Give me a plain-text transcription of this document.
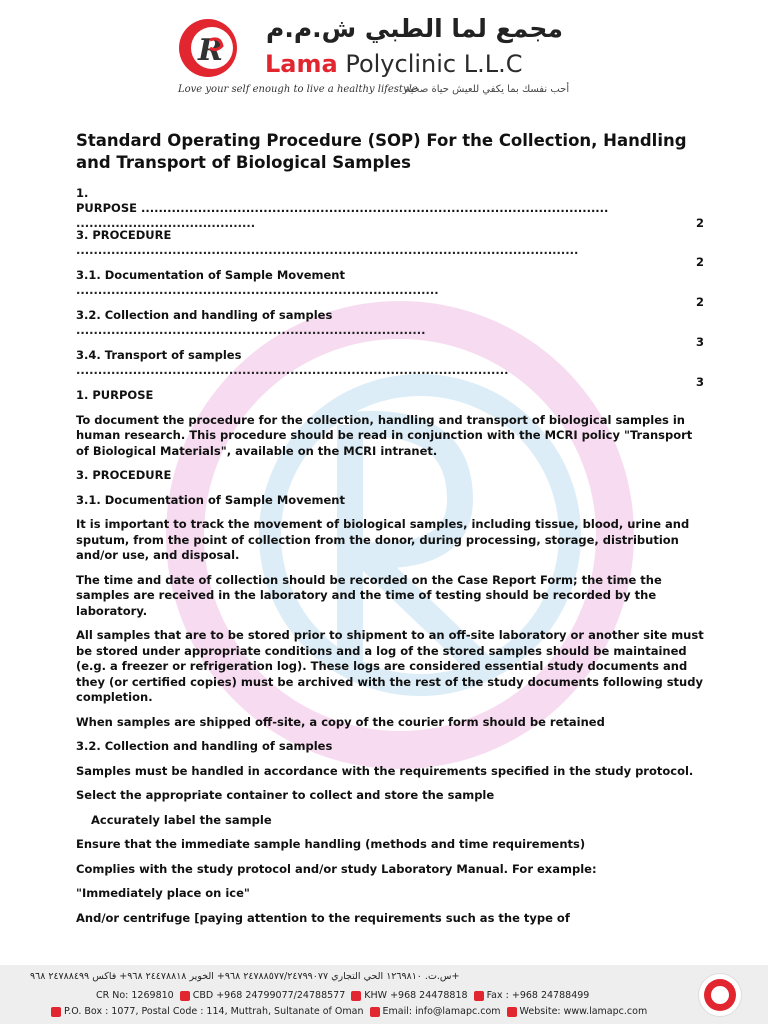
R
مجمع لما الطبي ش.م.م
Lama Polyclinic L.L.C
Love your self enough to live a healthy lifestyle
أحب نفسك بما يكفي للعيش حياة صحية
Standard Operating Procedure (SOP) For the Collection, Handling and Transport of Biological Samples
1.
PURPOSE ...........................................................................................................
.........................................	2
3. PROCEDURE
...................................................................................................................
2
3.1. Documentation of Sample Movement
...................................................................................
2
3.2. Collection and handling of samples
................................................................................
3
3.4. Transport of samples
...................................................................................................
3

1. PURPOSE

To document the procedure for the collection, handling and transport of biological samples in human research. This procedure should be read in conjunction with the MCRI policy "Transport of Biological Materials", available on the MCRI intranet.

3. PROCEDURE

3.1. Documentation of Sample Movement

It is important to track the movement of biological samples, including tissue, blood, urine and sputum, from the point of collection from the donor, during processing, storage, distribution and/or use, and disposal.

The time and date of collection should be recorded on the Case Report Form; the time the samples are received in the laboratory and the time of testing should be recorded by the laboratory.

All samples that are to be stored prior to shipment to an off-site laboratory or another site must be stored under appropriate conditions and a log of the stored samples should be maintained (e.g. a freezer or refrigeration log). These logs are considered essential study documents and they (or certified copies) must be archived with the rest of the study documents following study completion.

When samples are shipped off-site, a copy of the courier form should be retained

3.2. Collection and handling of samples

Samples must be handled in accordance with the requirements specified in the study protocol.

Select the appropriate container to collect and store the sample

Accurately label the sample

Ensure that the immediate sample handling (methods and time requirements)

Complies with the study protocol and/or study Laboratory Manual. For example:

"Immediately place on ice"

And/or centrifuge [paying attention to the requirements such as the type of

س.ت. ١٢٦٩٨١٠ الحي التجاري ٢٤٧٨٨٥٧٧/٢٤٧٩٩٠٧٧ ٩٦٨+ الخوير ٢٤٤٧٨٨١٨ ٩٦٨+ فاكس ٢٤٧٨٨٤٩٩ ٩٦٨+
CR No: 1269810 CBD +968 24799077/24788577 KHW +968 24478818 Fax : +968 24788499
P.O. Box : 1077, Postal Code : 114, Muttrah, Sultanate of Oman Email: info@lamapc.com Website: www.lamapc.com
